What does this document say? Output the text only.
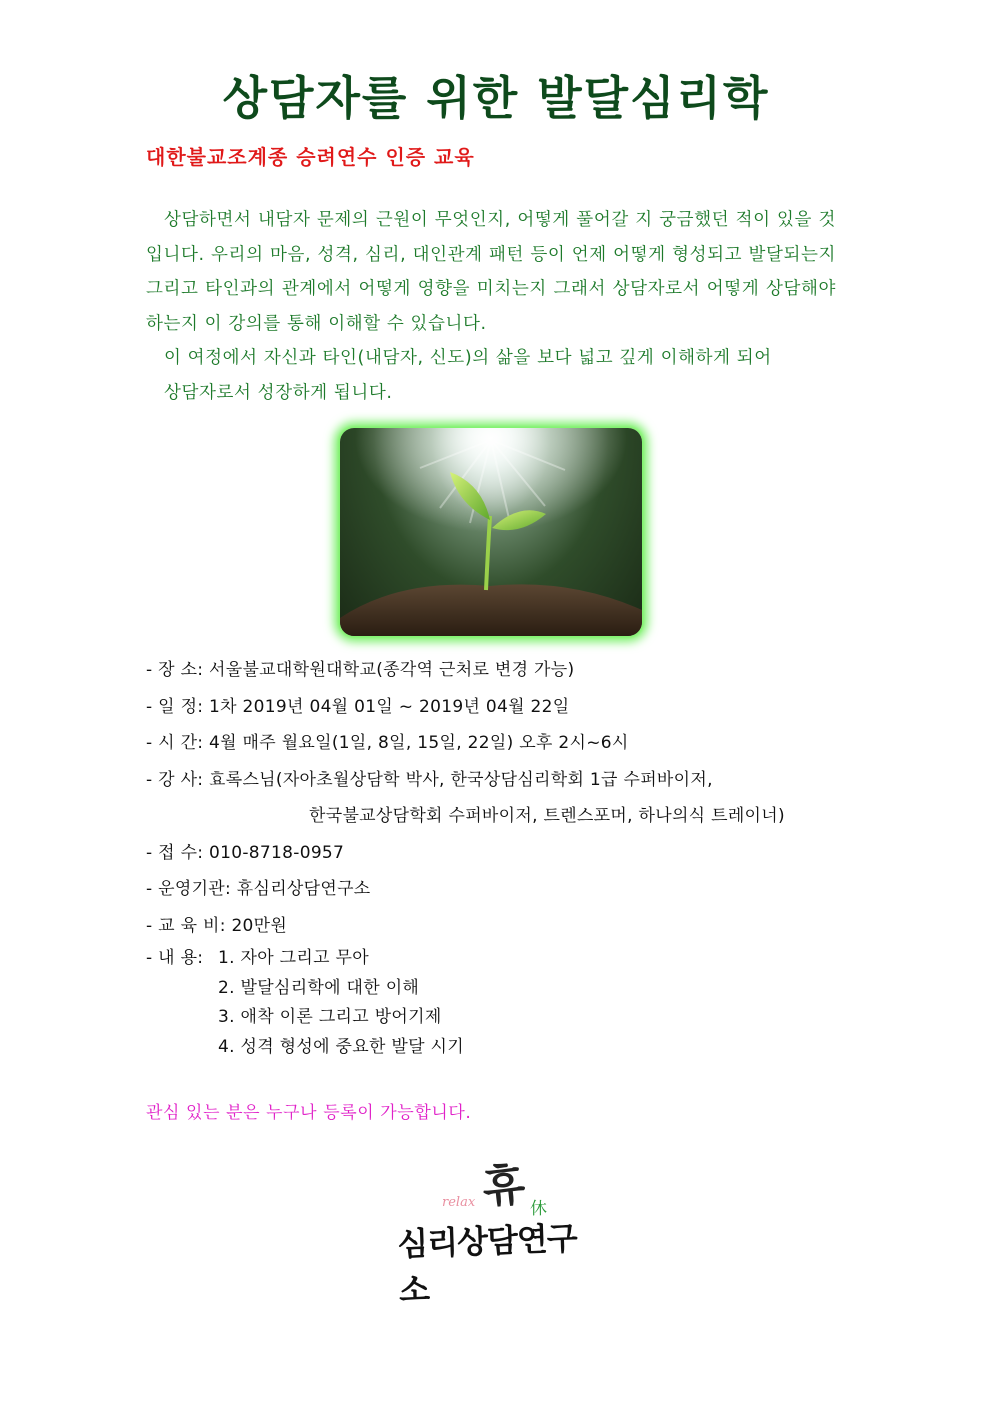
상담자를 위한 발달심리학
대한불교조계종 승려연수 인증 교육

상담하면서 내담자 문제의 근원이 무엇인지, 어떻게 풀어갈 지 궁금했던 적이 있을 것입니다. 우리의 마음, 성격, 심리, 대인관계 패턴 등이 언제 어떻게 형성되고 발달되는지 그리고 타인과의 관계에서 어떻게 영향을 미치는지 그래서 상담자로서 어떻게 상담해야 하는지 이 강의를 통해 이해할 수 있습니다.

이 여정에서 자신과 타인(내담자, 신도)의 삶을 보다 넓고 깊게 이해하게 되어

상담자로서 성장하게 됩니다.

- 장 소: 서울불교대학원대학교(종각역 근처로 변경 가능)
- 일 정: 1차 2019년 04월 01일 ~ 2019년 04월 22일
- 시 간: 4월 매주 월요일(1일, 8일, 15일, 22일) 오후 2시~6시
- 강 사: 효록스님(자아초월상담학 박사, 한국상담심리학회 1급 수퍼바이저,
한국불교상담학회 수퍼바이저, 트렌스포머, 하나의식 트레이너)
- 접 수: 010-8718-0957
- 운영기관: 휴심리상담연구소
- 교 육 비: 20만원
- 내 용: 1. 자아 그리고 무아
2. 발달심리학에 대한 이해
3. 애착 이론 그리고 방어기제
4. 성격 형성에 중요한 발달 시기
관심 있는 분은 누구나 등록이 가능합니다.
relax 휴 休
심리상담연구소
